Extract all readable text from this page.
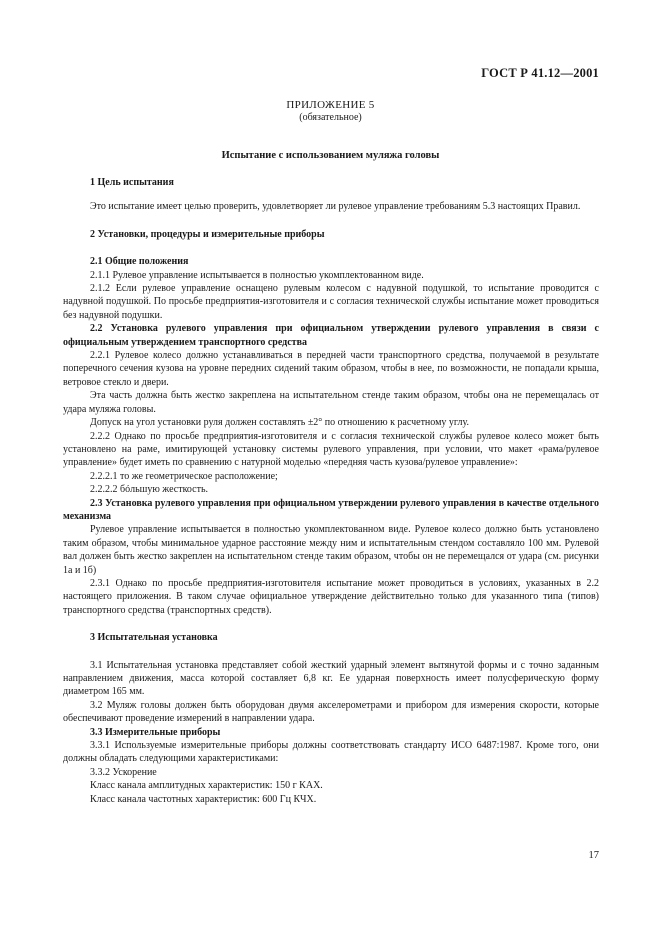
ГОСТ Р 41.12—2001
ПРИЛОЖЕНИЕ 5
(обязательное)
Испытание с использованием муляжа головы

1 Цель испытания

Это испытание имеет целью проверить, удовлетворяет ли рулевое управление требованиям 5.3 настоящих Правил.

2 Установки, процедуры и измерительные приборы

2.1 Общие положения

2.1.1 Рулевое управление испытывается в полностью укомплектованном виде.

2.1.2 Если рулевое управление оснащено рулевым колесом с надувной подушкой, то испытание проводится с надувной подушкой. По просьбе предприятия-изготовителя и с согласия технической службы испытание может проводиться без надувной подушки.

2.2 Установка рулевого управления при официальном утверждении рулевого управления в связи с официальным утверждением транспортного средства

2.2.1 Рулевое колесо должно устанавливаться в передней части транспортного средства, получаемой в результате поперечного сечения кузова на уровне передних сидений таким образом, чтобы в нее, по возможности, не попадали крыша, ветровое стекло и двери.

Эта часть должна быть жестко закреплена на испытательном стенде таким образом, чтобы она не перемещалась от удара муляжа головы.

Допуск на угол установки руля должен составлять ±2° по отношению к расчетному углу.

2.2.2 Однако по просьбе предприятия-изготовителя и с согласия технической службы рулевое колесо может быть установлено на раме, имитирующей установку системы рулевого управления, при условии, что макет «рама/рулевое управление» будет иметь по сравнению с натурной моделью «передняя часть кузова/рулевое управление»:

2.2.2.1 то же геометрическое расположение;

2.2.2.2 бóльшую жесткость.

2.3 Установка рулевого управления при официальном утверждении рулевого управления в качестве отдельного механизма

Рулевое управление испытывается в полностью укомплектованном виде. Рулевое колесо должно быть установлено таким образом, чтобы минимальное ударное расстояние между ним и испытательным стендом составляло 100 мм. Рулевой вал должен быть жестко закреплен на испытательном стенде таким образом, чтобы он не перемещался от удара (см. рисунки 1а и 1б)

2.3.1 Однако по просьбе предприятия-изготовителя испытание может проводиться в условиях, указанных в 2.2 настоящего приложения. В таком случае официальное утверждение действительно только для указанного типа (типов) транспортного средства (транспортных средств).

3 Испытательная установка

3.1 Испытательная установка представляет собой жесткий ударный элемент вытянутой формы и с точно заданным направлением движения, масса которой составляет 6,8 кг. Ее ударная поверхность имеет полусферическую форму диаметром 165 мм.

3.2 Муляж головы должен быть оборудован двумя акселерометрами и прибором для измерения скорости, которые обеспечивают проведение измерений в направлении удара.

3.3 Измерительные приборы

3.3.1 Используемые измерительные приборы должны соответствовать стандарту ИСО 6487:1987. Кроме того, они должны обладать следующими характеристиками:

3.3.2 Ускорение

Класс канала амплитудных характеристик: 150 г КАХ.

Класс канала частотных характеристик: 600 Гц КЧХ.

17
